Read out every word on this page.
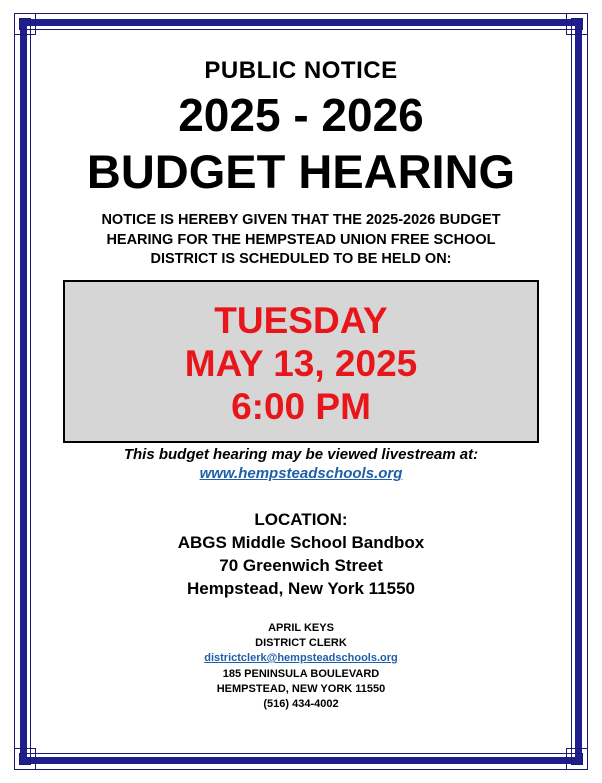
PUBLIC NOTICE
2025 - 2026
BUDGET HEARING
NOTICE IS HEREBY GIVEN THAT THE 2025-2026 BUDGET
HEARING FOR THE HEMPSTEAD UNION FREE SCHOOL
DISTRICT IS SCHEDULED TO BE HELD ON:
TUESDAY
MAY 13, 2025
6:00 PM
This budget hearing may be viewed livestream at:
www.hempsteadschools.org
LOCATION:
ABGS Middle School Bandbox
70 Greenwich Street
Hempstead, New York 11550
APRIL KEYS
DISTRICT CLERK
districtclerk@hempsteadschools.org
185 PENINSULA BOULEVARD
HEMPSTEAD, NEW YORK 11550
(516) 434-4002
